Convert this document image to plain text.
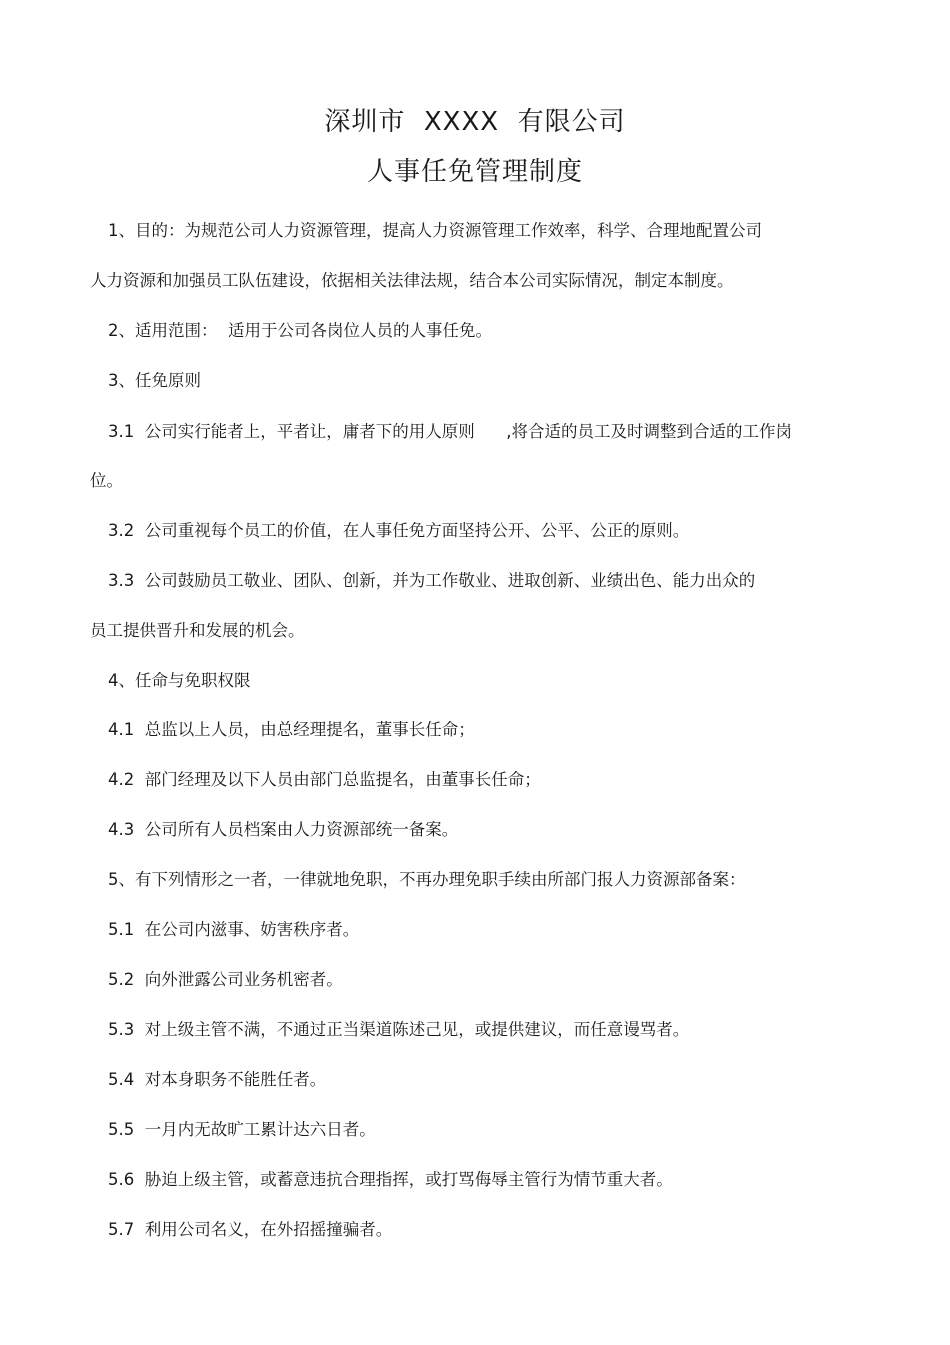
深圳市  XXXX  有限公司
人事任免管理制度
1、目的：为规范公司人力资源管理，提高人力资源管理工作效率，科学、合理地配置公司
人力资源和加强员工队伍建设，依据相关法律法规，结合本公司实际情况，制定本制度。
2、适用范围：  适用于公司各岗位人员的人事任免。
3、任免原则
3.1  公司实行能者上，平者让，庸者下的用人原则      ,将合适的员工及时调整到合适的工作岗
位。
3.2  公司重视每个员工的价值，在人事任免方面坚持公开、公平、公正的原则。
3.3  公司鼓励员工敬业、团队、创新，并为工作敬业、进取创新、业绩出色、能力出众的
员工提供晋升和发展的机会。
4、任命与免职权限
4.1  总监以上人员，由总经理提名，董事长任命；
4.2  部门经理及以下人员由部门总监提名，由董事长任命；
4.3  公司所有人员档案由人力资源部统一备案。
5、有下列情形之一者，一律就地免职，不再办理免职手续由所部门报人力资源部备案：
5.1  在公司内滋事、妨害秩序者。
5.2  向外泄露公司业务机密者。
5.3  对上级主管不满，不通过正当渠道陈述己见，或提供建议，而任意谩骂者。
5.4  对本身职务不能胜任者。
5.5  一月内无故旷工累计达六日者。
5.6  胁迫上级主管，或蓄意违抗合理指挥，或打骂侮辱主管行为情节重大者。
5.7  利用公司名义，在外招摇撞骗者。
